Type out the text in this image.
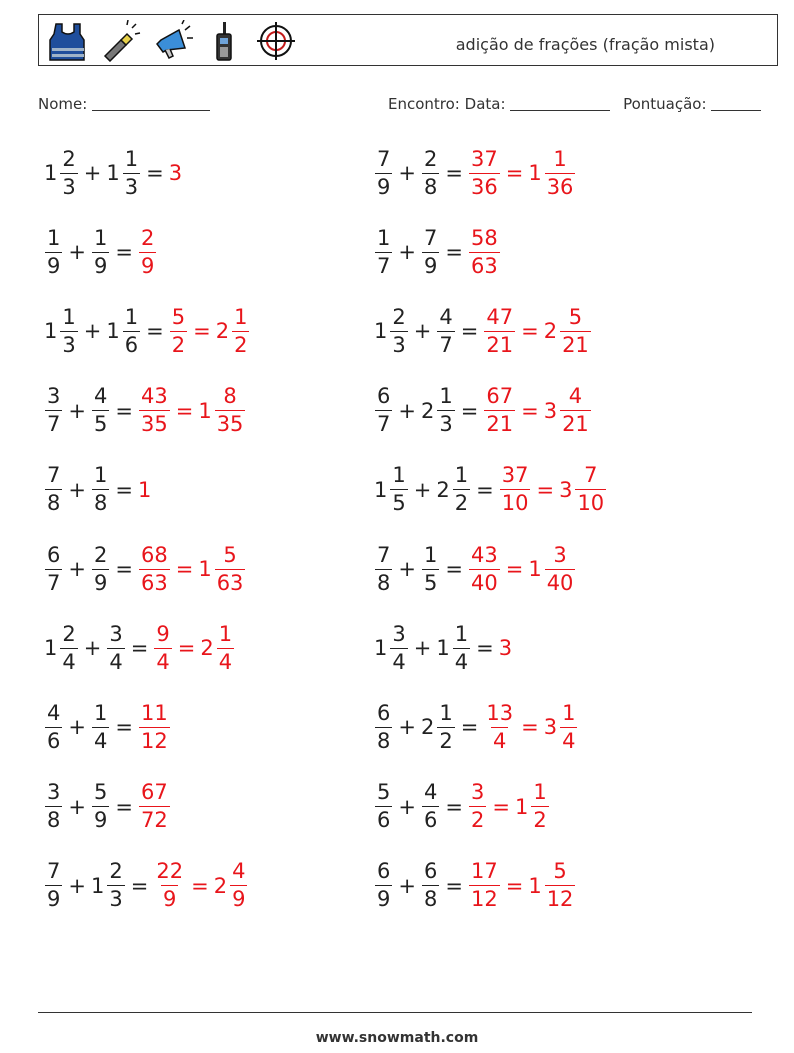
adição de frações (fração mista)
Nome:	Encontro: Data:	Pontuação:
$1 \frac{2}{3} + 1 \frac{1}{3} = 3$	$\frac{7}{9} + \frac{2}{8} = \frac{37}{36} = 1 \frac{1}{36}$
$\frac{1}{9} + \frac{1}{9} = \frac{2}{9}$	$\frac{1}{7} + \frac{7}{9} = \frac{58}{63}$
$1 \frac{1}{3} + 1 \frac{1}{6} = \frac{5}{2} = 2 \frac{1}{2}$	$1 \frac{2}{3} + \frac{4}{7} = \frac{47}{21} = 2 \frac{5}{21}$
$\frac{3}{7} + \frac{4}{5} = \frac{43}{35} = 1 \frac{8}{35}$	$\frac{6}{7} + 2 \frac{1}{3} = \frac{67}{21} = 3 \frac{4}{21}$
$\frac{7}{8} + \frac{1}{8} = 1$	$1 \frac{1}{5} + 2 \frac{1}{2} = \frac{37}{10} = 3 \frac{7}{10}$
$\frac{6}{7} + \frac{2}{9} = \frac{68}{63} = 1 \frac{5}{63}$	$\frac{7}{8} + \frac{1}{5} = \frac{43}{40} = 1 \frac{3}{40}$
$1 \frac{2}{4} + \frac{3}{4} = \frac{9}{4} = 2 \frac{1}{4}$	$1 \frac{3}{4} + 1 \frac{1}{4} = 3$
$\frac{4}{6} + \frac{1}{4} = \frac{11}{12}$	$\frac{6}{8} + 2 \frac{1}{2} = \frac{13}{4} = 3 \frac{1}{4}$
$\frac{3}{8} + \frac{5}{9} = \frac{67}{72}$	$\frac{5}{6} + \frac{4}{6} = \frac{3}{2} = 1 \frac{1}{2}$
$\frac{7}{9} + 1 \frac{2}{3} = \frac{22}{9} = 2 \frac{4}{9}$	$\frac{6}{9} + \frac{6}{8} = \frac{17}{12} = 1 \frac{5}{12}$
www.snowmath.com
